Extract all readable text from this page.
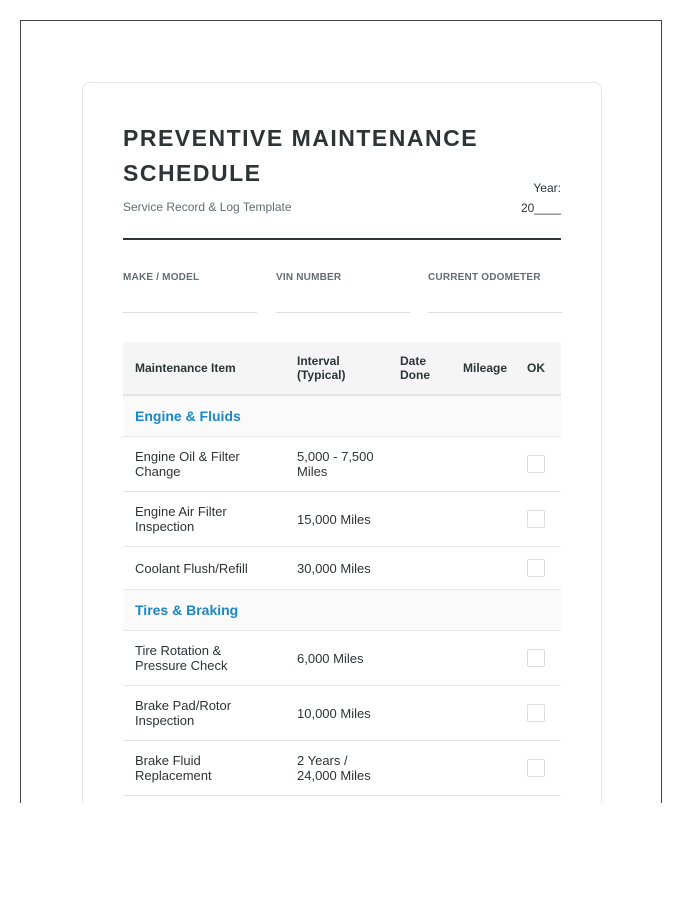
PREVENTIVE MAINTENANCE SCHEDULE
Service Record & Log Template
Year:
20____
MAKE / MODEL	VIN NUMBER	CURRENT ODOMETER
Maintenance Item	Interval (Typical)	Date Done	Mileage	OK
Engine & Fluids				
Engine Oil & Filter Change	5,000 - 7,500 Miles			
Engine Air Filter Inspection	15,000 Miles			
Coolant Flush/Refill	30,000 Miles			
Tires & Braking				
Tire Rotation & Pressure Check	6,000 Miles			
Brake Pad/Rotor Inspection	10,000 Miles			
Brake Fluid Replacement	2 Years / 24,000 Miles			
